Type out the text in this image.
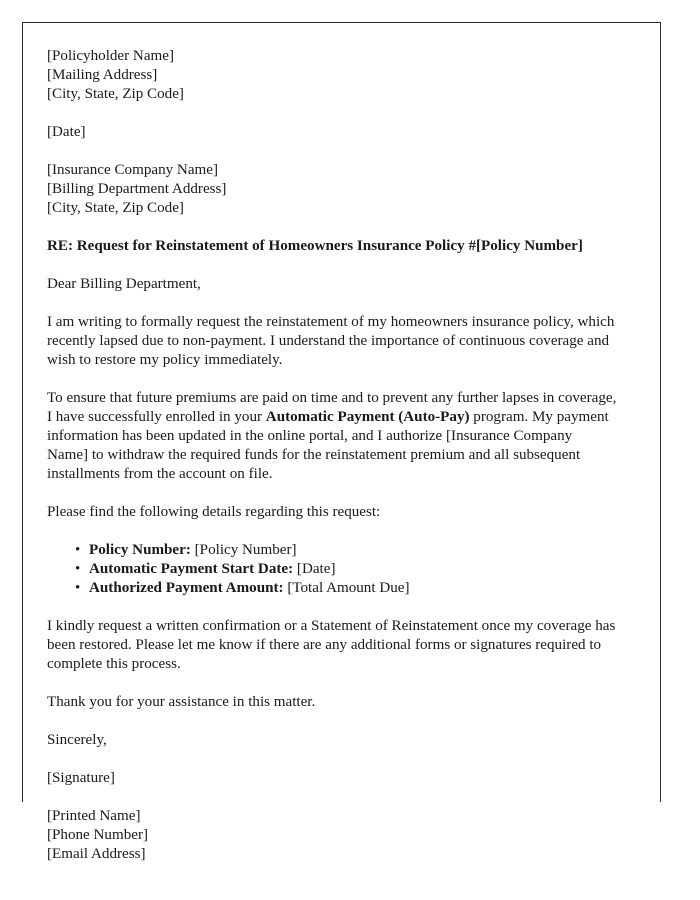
[Policyholder Name]
[Mailing Address]
[City, State, Zip Code]
[Date]
[Insurance Company Name]
[Billing Department Address]
[City, State, Zip Code]

RE: Request for Reinstatement of Homeowners Insurance Policy #[Policy Number]

Dear Billing Department,

I am writing to formally request the reinstatement of my homeowners insurance policy, which recently lapsed due to non-payment. I understand the importance of continuous coverage and wish to restore my policy immediately.

To ensure that future premiums are paid on time and to prevent any further lapses in coverage, I have successfully enrolled in your Automatic Payment (Auto-Pay) program. My payment information has been updated in the online portal, and I authorize [Insurance Company Name] to withdraw the required funds for the reinstatement premium and all subsequent installments from the account on file.

Please find the following details regarding this request:

• Policy Number: [Policy Number]
• Automatic Payment Start Date: [Date]
• Authorized Payment Amount: [Total Amount Due]

I kindly request a written confirmation or a Statement of Reinstatement once my coverage has been restored. Please let me know if there are any additional forms or signatures required to complete this process.

Thank you for your assistance in this matter.

Sincerely,

[Signature]

[Printed Name]
[Phone Number]
[Email Address]
